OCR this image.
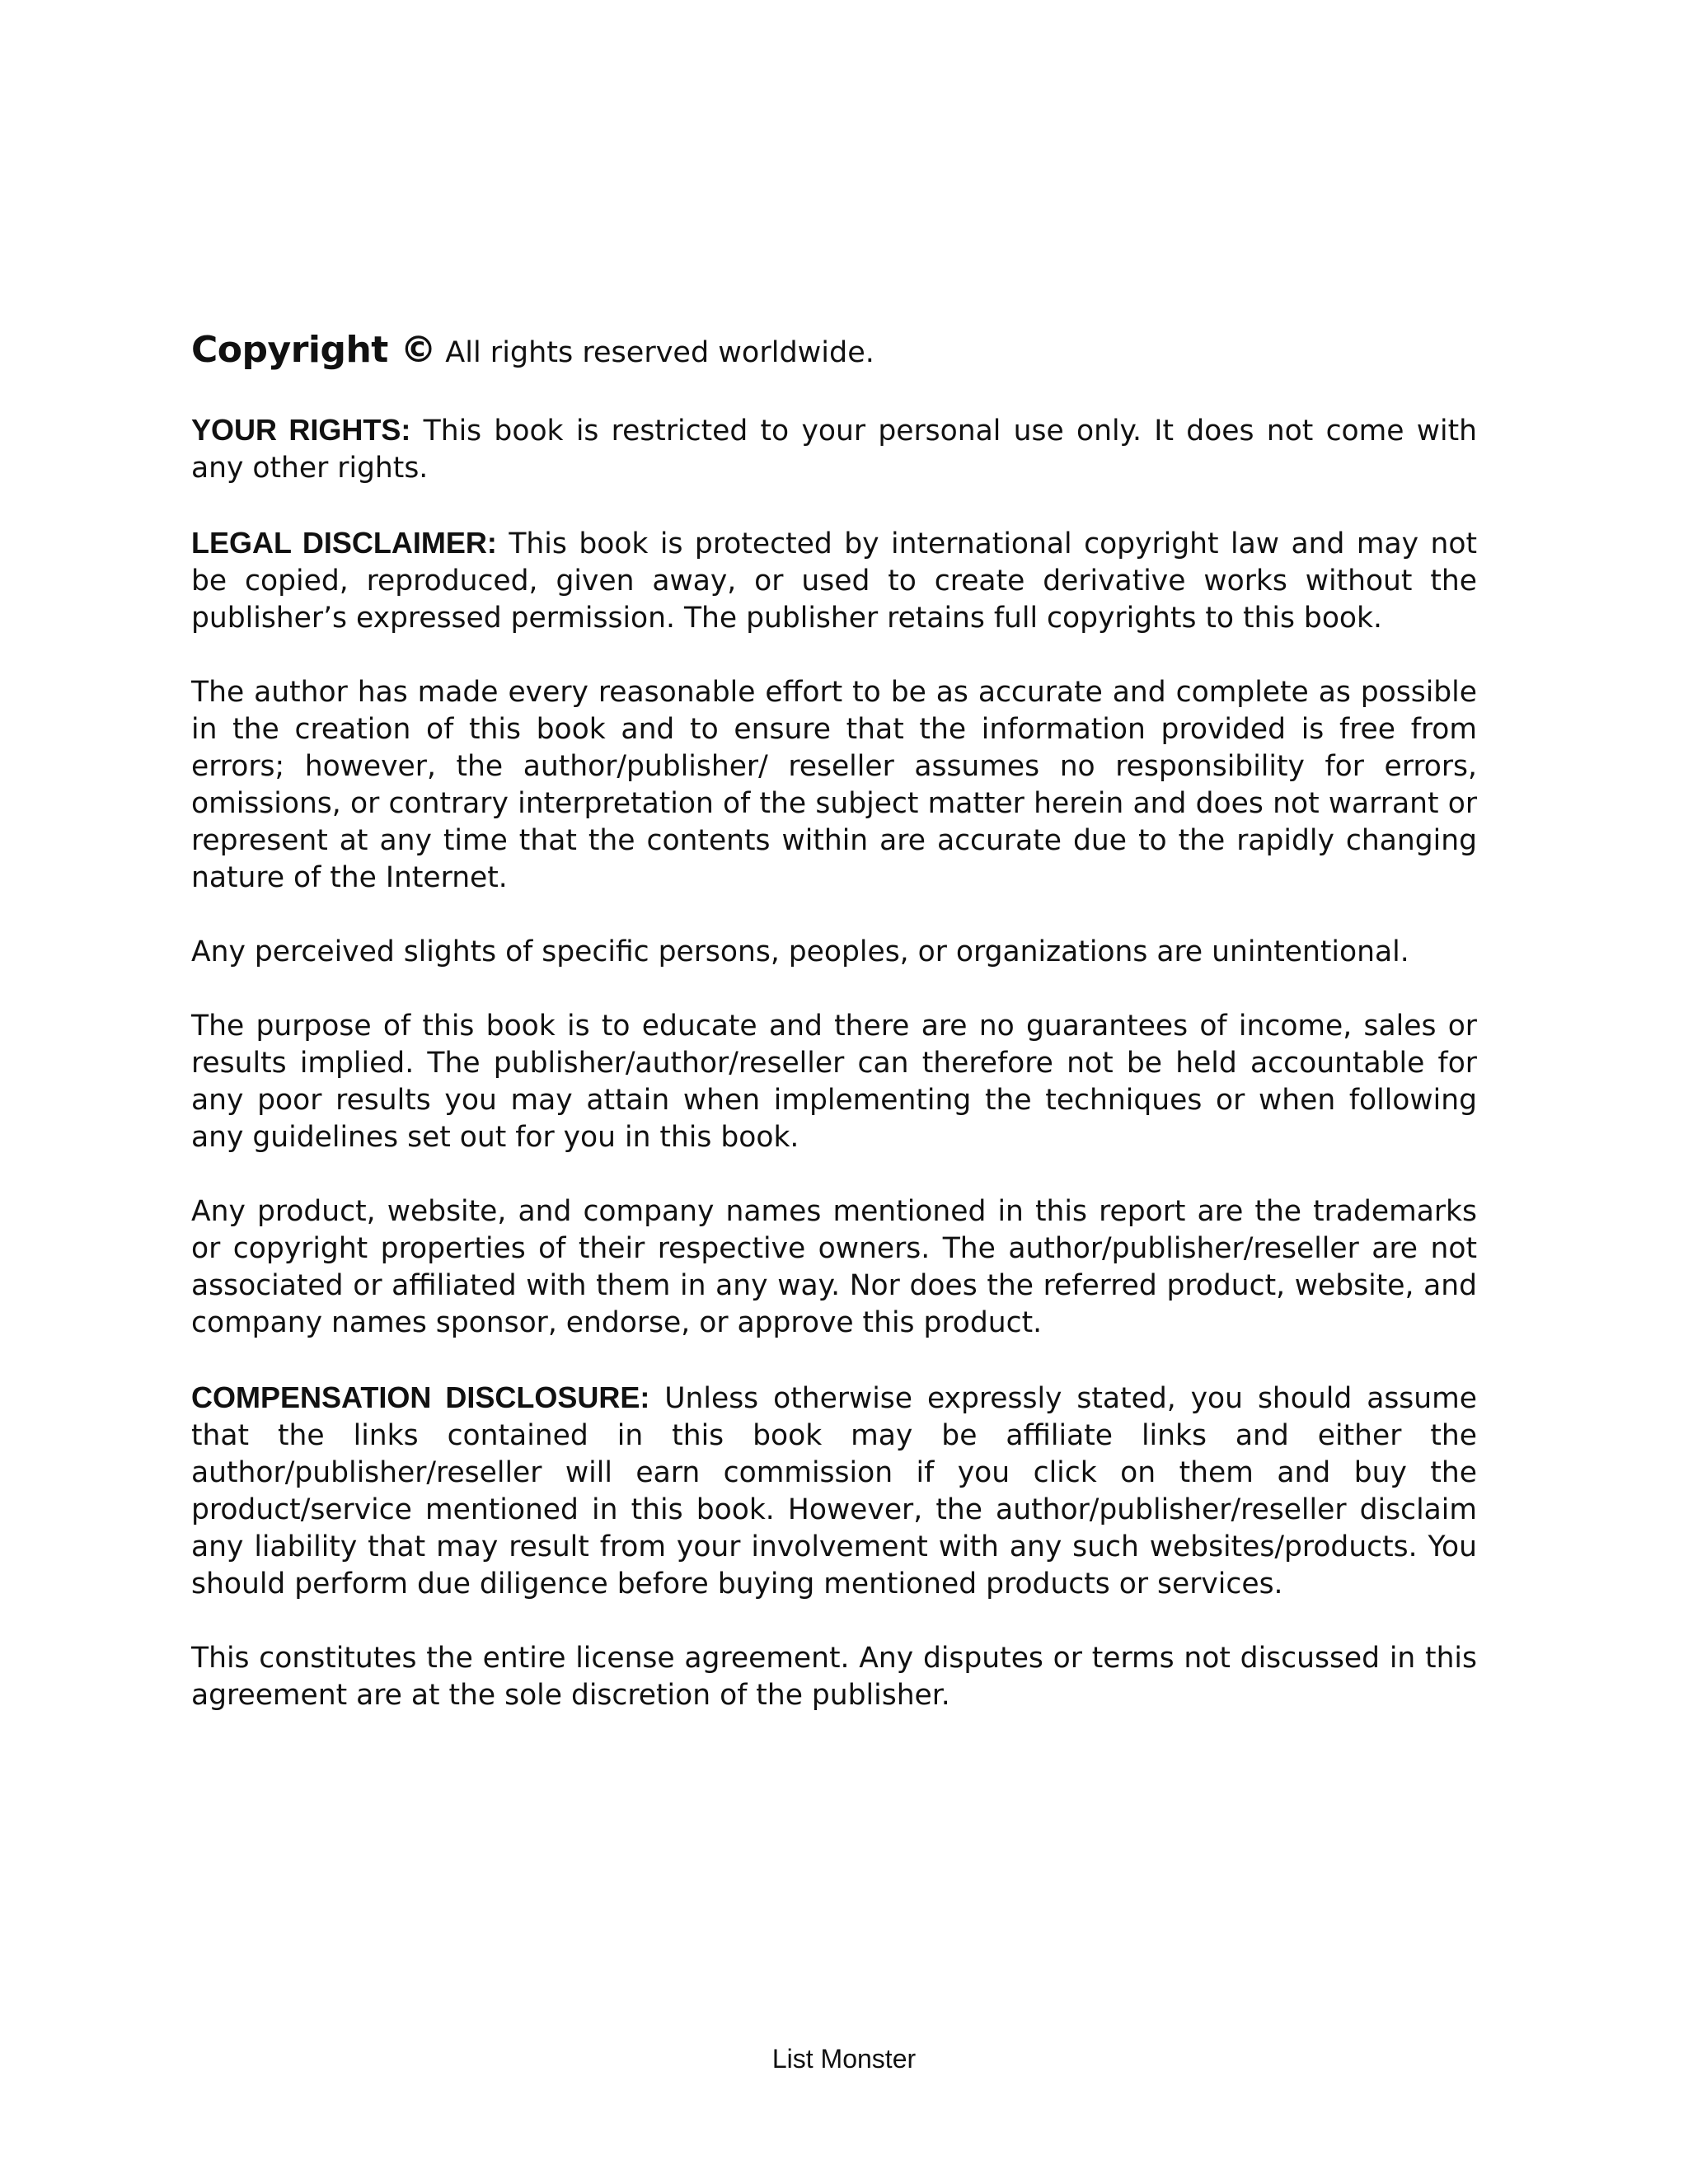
Copyright © All rights reserved worldwide.

YOUR RIGHTS: This book is restricted to your personal use only. It does not come with any other rights.

LEGAL DISCLAIMER: This book is protected by international copyright law and may not be copied, reproduced, given away, or used to create derivative works without the publisher’s expressed permission. The publisher retains full copyrights to this book.

The author has made every reasonable effort to be as accurate and complete as possible in the creation of this book and to ensure that the information provided is free from errors; however, the author/publisher/ reseller assumes no responsibility for errors, omissions, or contrary interpretation of the subject matter herein and does not warrant or represent at any time that the contents within are accurate due to the rapidly changing nature of the Internet.

Any perceived slights of specific persons, peoples, or organizations are unintentional.

The purpose of this book is to educate and there are no guarantees of income, sales or results implied. The publisher/author/reseller can therefore not be held accountable for any poor results you may attain when implementing the techniques or when following any guidelines set out for you in this book.

Any product, website, and company names mentioned in this report are the trademarks or copyright properties of their respective owners. The author/publisher/reseller are not associated or affiliated with them in any way. Nor does the referred product, website, and company names sponsor, endorse, or approve this product.

COMPENSATION DISCLOSURE: Unless otherwise expressly stated, you should assume that the links contained in this book may be affiliate links and either the author/publisher/reseller will earn commission if you click on them and buy the product/service mentioned in this book. However, the author/publisher/reseller disclaim any liability that may result from your involvement with any such websites/products. You should perform due diligence before buying mentioned products or services.

This constitutes the entire license agreement. Any disputes or terms not discussed in this agreement are at the sole discretion of the publisher.

List Monster
